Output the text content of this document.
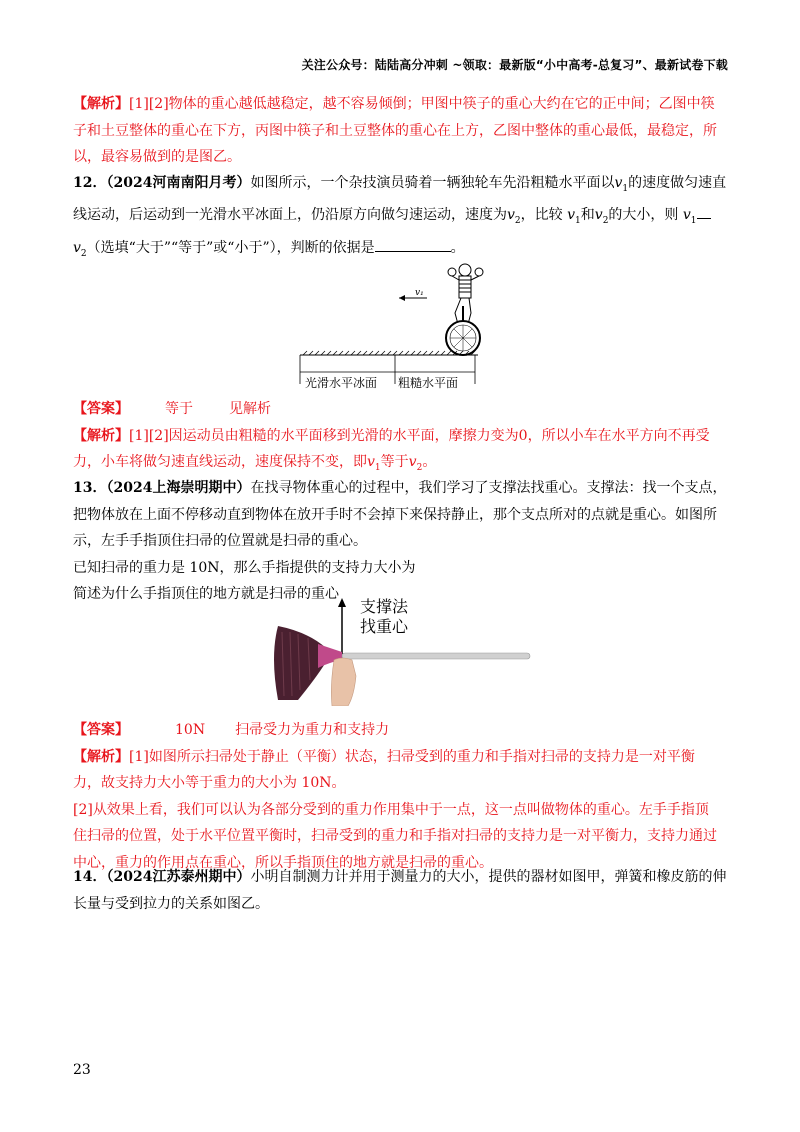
关注公众号：陆陆高分冲刺 ~领取：最新版“小中高考-总复习”、最新试卷下载
【解析】[1][2]物体的重心越低越稳定，越不容易倾倒；甲图中筷子的重心大约在它的正中间；乙图中筷
子和土豆整体的重心在下方，丙图中筷子和土豆整体的重心在上方，乙图中整体的重心最低，最稳定，所
以，最容易做到的是图乙。
12．（2024河南南阳月考）如图所示，一个杂技演员骑着一辆独轮车先沿粗糙水平面以$v_1$的速度做匀速直
线运动，后运动到一光滑水平冰面上，仍沿原方向做匀速运动，速度为$v_2$，比较 $v_1$和$v_2$的大小，则 $v_1$
$v_2$（选填“大于”“等于”或“小于”），判断的依据是	。
v₁
光滑水平冰面 粗糙水平面
【答案】	等于	见解析
【解析】[1][2]因运动员由粗糙的水平面移到光滑的水平面，摩擦力变为0，所以小车在水平方向不再受
力，小车将做匀速直线运动，速度保持不变，即$v_1$等于$v_2$。
13．（2024上海崇明期中）在找寻物体重心的过程中，我们学习了支撑法找重心。支撑法：找一个支点，
把物体放在上面不停移动直到物体在放开手时不会掉下来保持静止，那个支点所对的点就是重心。如图所
示，左手手指顶住扫帚的位置就是扫帚的重心。
已知扫帚的重力是 10N，那么手指提供的支持力大小为
简述为什么手指顶住的地方就是扫帚的重心
支撑法
找重心
【答案】	10N 扫帚受力为重力和支持力
【解析】[1]如图所示扫帚处于静止（平衡）状态，扫帚受到的重力和手指对扫帚的支持力是一对平衡
力，故支持力大小等于重力的大小为 10N。
[2]从效果上看，我们可以认为各部分受到的重力作用集中于一点，这一点叫做物体的重心。左手手指顶
住扫帚的位置，处于水平位置平衡时，扫帚受到的重力和手指对扫帚的支持力是一对平衡力，支持力通过
中心，重力的作用点在重心，所以手指顶住的地方就是扫帚的重心。
14．（2024江苏泰州期中）小明自制测力计并用于测量力的大小，提供的器材如图甲，弹簧和橡皮筋的伸
长量与受到拉力的关系如图乙。
23
